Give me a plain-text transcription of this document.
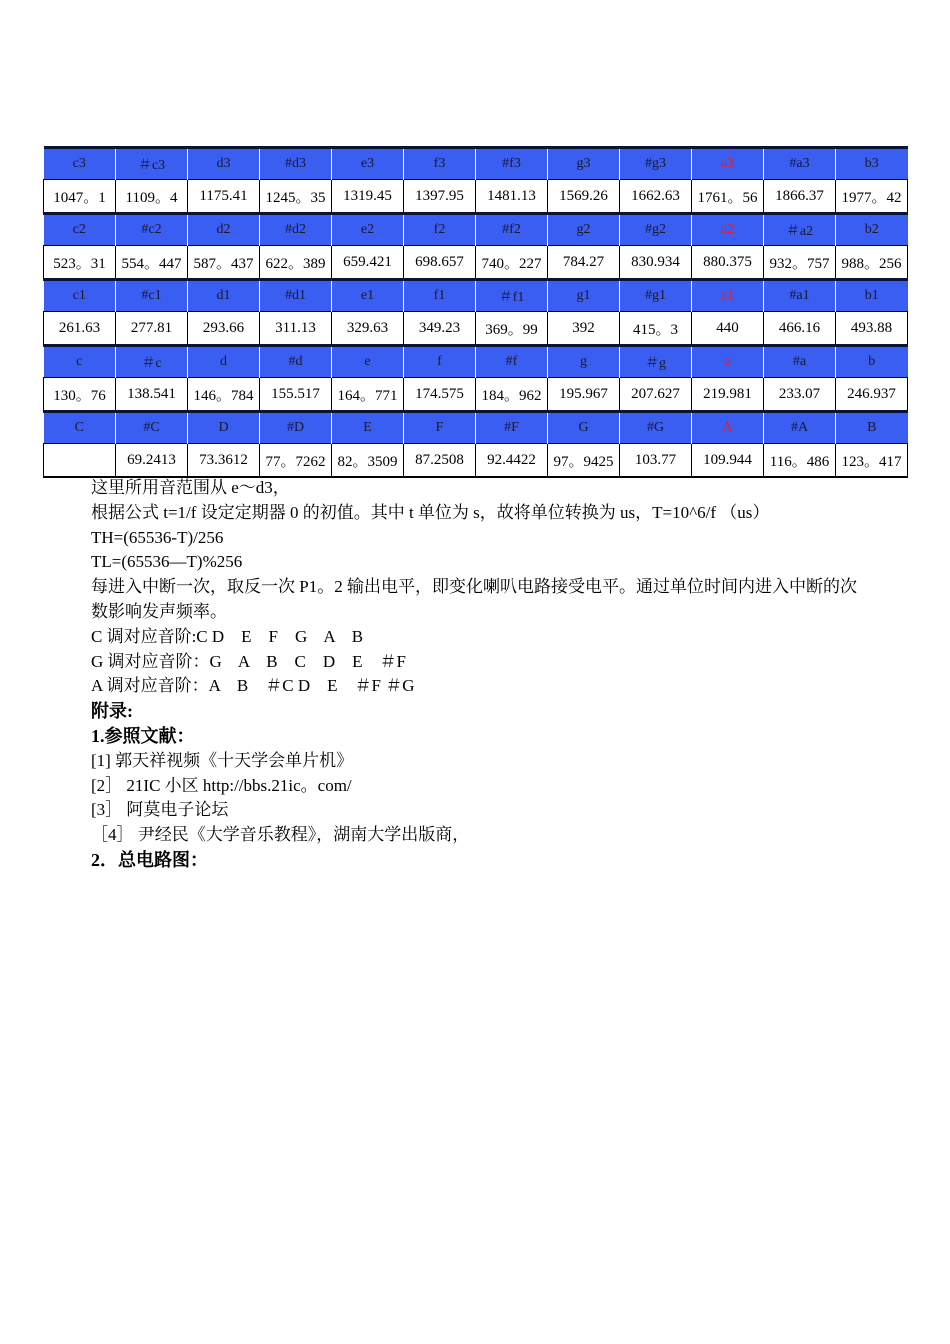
c3	＃c3	d3	#d3	e3	f3	#f3	g3	#g3	a3	#a3	b3
1047。1	1109。4	1175.41	1245。35	1319.45	1397.95	1481.13	1569.26	1662.63	1761。56	1866.37	1977。42
c2	#c2	d2	#d2	e2	f2	#f2	g2	#g2	a2	＃a2	b2
523。31	554。447	587。437	622。389	659.421	698.657	740。227	784.27	830.934	880.375	932。757	988。256
c1	#c1	d1	#d1	e1	f1	＃f1	g1	#g1	a1	#a1	b1
261.63	277.81	293.66	311.13	329.63	349.23	369。99	392	415。3	440	466.16	493.88
c	＃c	d	#d	e	f	#f	g	＃g	a	#a	b
130。76	138.541	146。784	155.517	164。771	174.575	184。962	195.967	207.627	219.981	233.07	246.937
C	#C	D	#D	E	F	#F	G	#G	A	#A	B
	69.2413	73.3612	77。7262	82。3509	87.2508	92.4422	97。9425	103.77	109.944	116。486	123。417

这里所用音范围从 e～d3，

根据公式 t=1/f 设定定期器 0 的初值。其中 t 单位为 s，故将单位转换为 us，T=10^6/f （us）

TH=(65536-T)/256

TL=(65536—T)%256

每进入中断一次，取反一次 P1。2 输出电平，即变化喇叭电路接受电平。通过单位时间内进入中断的次数影响发声频率。

C 调对应音阶:C D    E    F    G    A    B

G 调对应音阶：G    A    B    C    D    E    ＃F

A 调对应音阶：A    B    ＃C D    E    ＃F ＃G

附录:

1.参照文献：

[1] 郭天祥视频《十天学会单片机》

[2］ 21IC 小区 http://bbs.21ic。com/

[3］ 阿莫电子论坛

［4］ 尹经民《大学音乐教程》，湖南大学出版商，

2．总电路图：
